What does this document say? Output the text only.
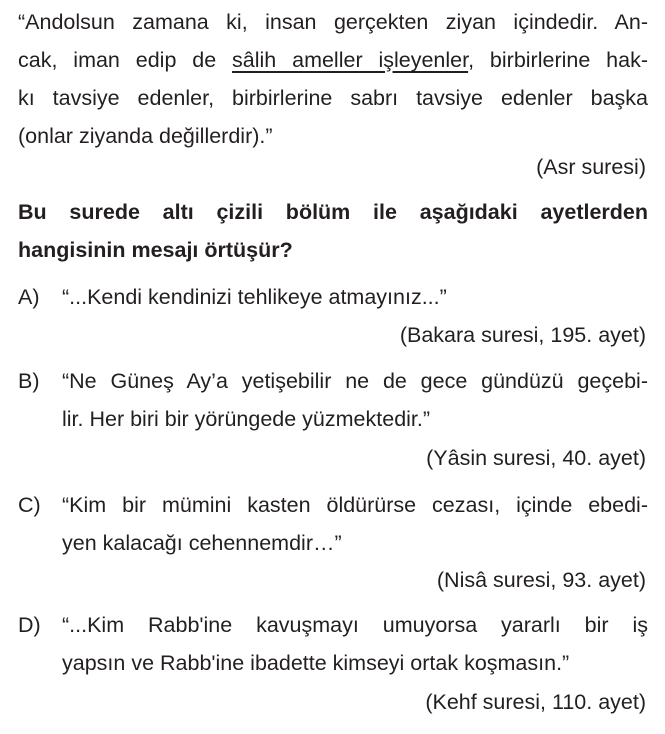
“Andolsun zamana ki, insan gerçekten ziyan içindedir. An-
cak, iman edip de sâlih ameller işleyenler, birbirlerine hak-
kı tavsiye edenler, birbirlerine sabrı tavsiye edenler başka
(onlar ziyanda değillerdir).”
(Asr suresi)
Bu surede altı çizili bölüm ile aşağıdaki ayetlerden
hangisinin mesajı örtüşür?
A) “...Kendi kendinizi tehlikeye atmayınız...”
(Bakara suresi, 195. ayet)
B) “Ne Güneş Ay’a yetişebilir ne de gece gündüzü geçebi-
lir. Her biri bir yörüngede yüzmektedir.”
(Yâsin suresi, 40. ayet)
C) “Kim bir mümini kasten öldürürse cezası, içinde ebedi-
yen kalacağı cehennemdir…”
(Nisâ suresi, 93. ayet)
D) “...Kim Rabb'ine kavuşmayı umuyorsa yararlı bir iş
yapsın ve Rabb'ine ibadette kimseyi ortak koşmasın.”
(Kehf suresi, 110. ayet)
